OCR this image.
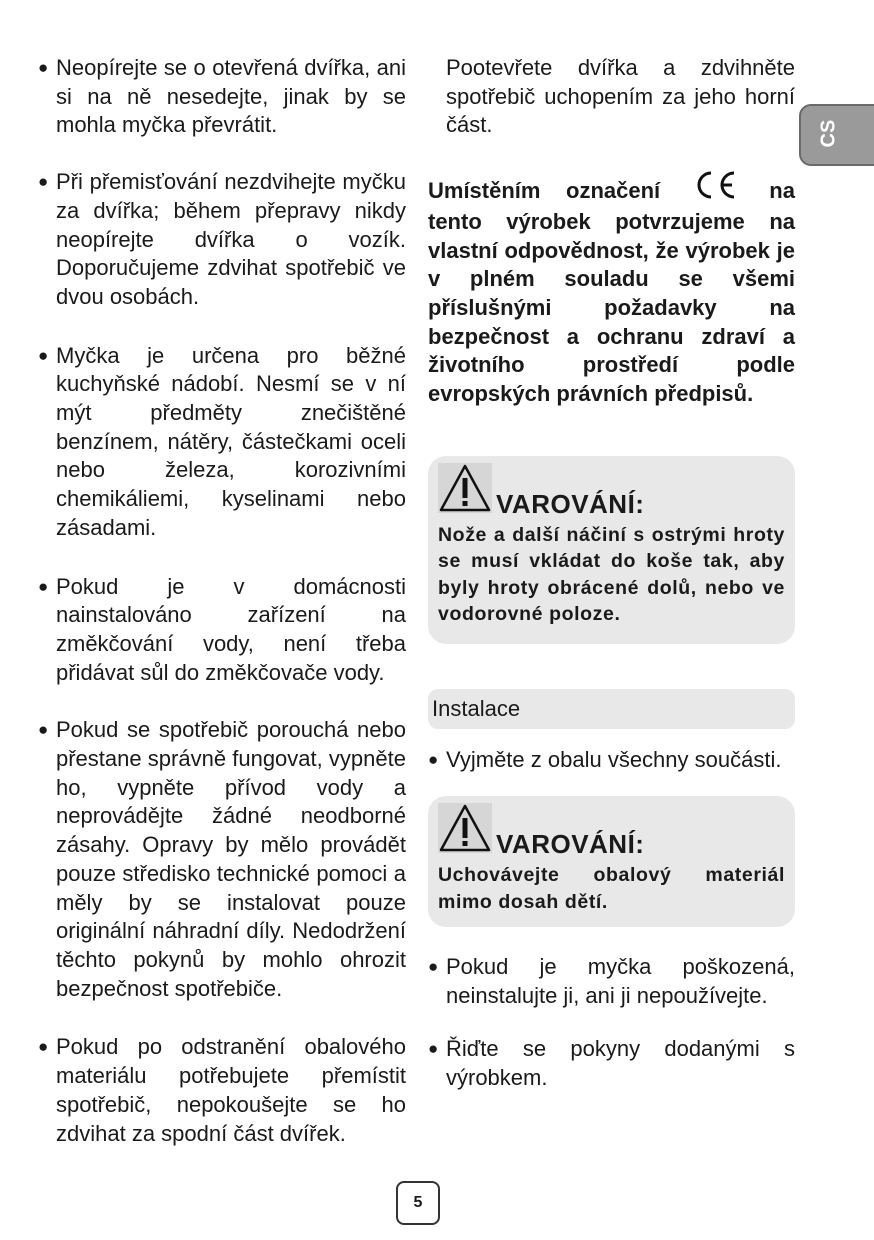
CS
● Neopírejte se o otevřená dvířka, ani si na ně nesedejte, jinak by se mohla myčka převrátit.
● Při přemisťování nezdvihejte myčku za dvířka; během přepravy nikdy neopírejte dvířka o vozík. Doporučujeme zdvihat spotřebič ve dvou osobách.
● Myčka je určena pro běžné kuchyňské nádobí. Nesmí se v ní mýt předměty znečištěné benzínem, nátěry, částečkami oceli nebo železa, korozivními chemikáliemi, kyselinami nebo zásadami.
● Pokud je v domácnosti nainstalováno zařízení na změkčování vody, není třeba přidávat sůl do změkčovače vody.
● Pokud se spotřebič porouchá nebo přestane správně fungovat, vypněte ho, vypněte přívod vody a neprovádějte žádné neodborné zásahy. Opravy by mělo provádět pouze středisko technické pomoci a měly by se instalovat pouze originální náhradní díly. Nedodržení těchto pokynů by mohlo ohrozit bezpečnost spotřebiče.
● Pokud po odstranění obalového materiálu potřebujete přemístit spotřebič, nepokoušejte se ho zdvihat za spodní část dvířek.
Pootevřete dvířka a zdvihněte spotřebič uchopením za jeho horní část.
Umístěním označení	na tento výrobek potvrzujeme na vlastní odpovědnost, že výrobek je v plném souladu se všemi příslušnými požadavky na bezpečnost a ochranu zdraví a životního prostředí podle evropských právních předpisů.
VAROVÁNÍ:
Nože a další náčiní s ostrými hroty se musí vkládat do koše tak, aby byly hroty obrácené dolů, nebo ve vodorovné poloze.
Instalace
● Vyjměte z obalu všechny součásti.
VAROVÁNÍ:
Uchovávejte obalový materiál mimo dosah dětí.
● Pokud je myčka poškozená, neinstalujte ji, ani ji nepoužívejte.
● Řiďte se pokyny dodanými s výrobkem.
5
